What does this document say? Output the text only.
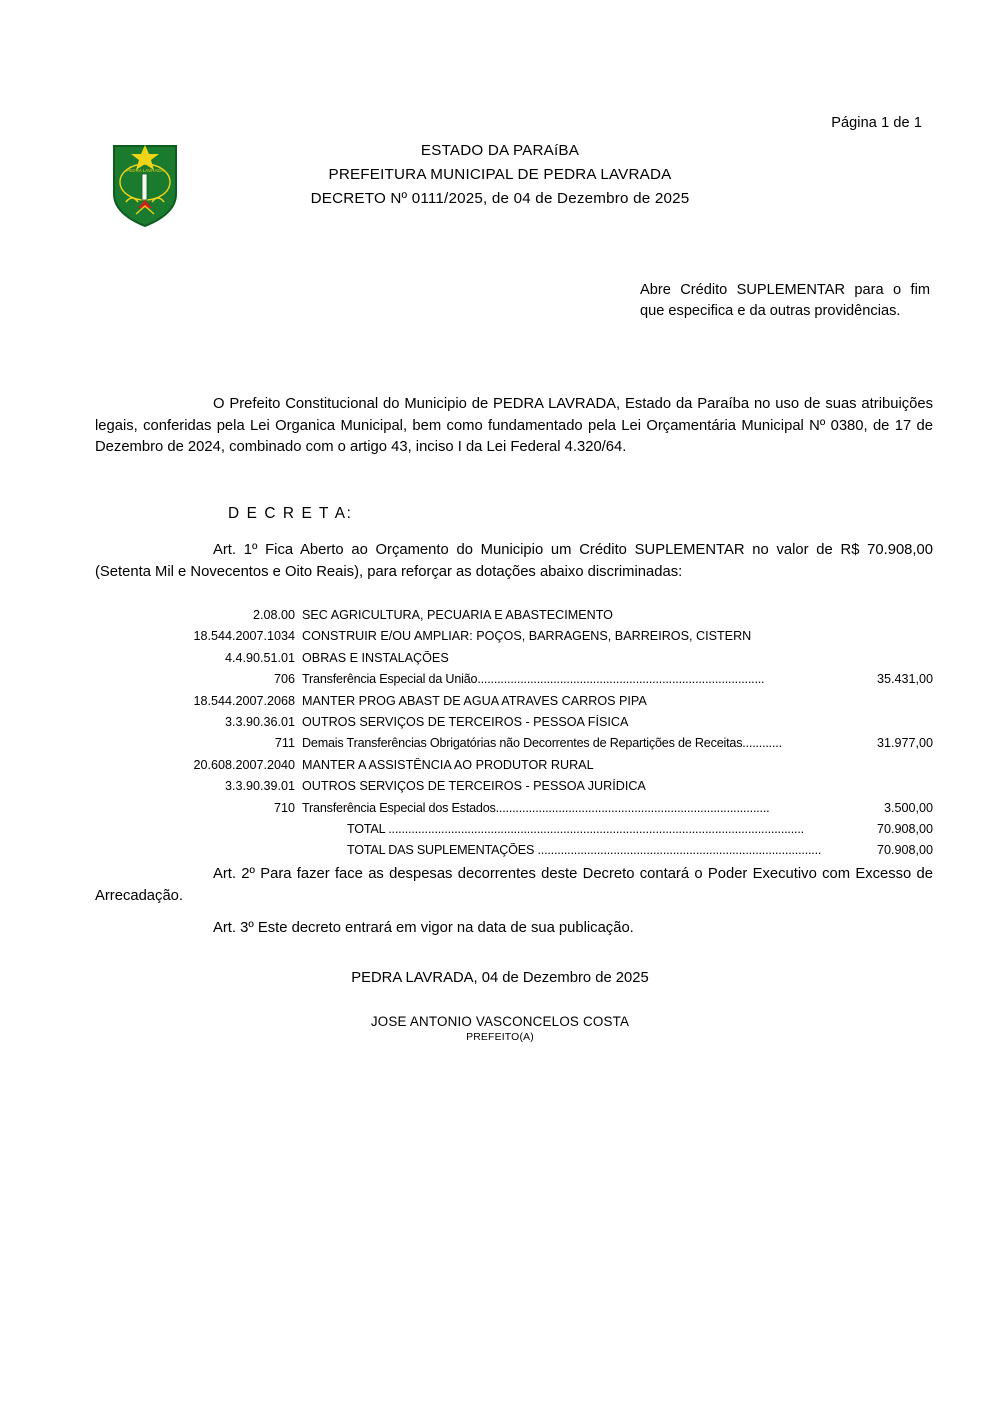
Página 1 de 1
PEDRA LAVRADA
ESTADO DA PARAíBA
PREFEITURA MUNICIPAL DE PEDRA LAVRADA
DECRETO Nº 0111/2025, de 04 de Dezembro de 2025
Abre Crédito SUPLEMENTAR para o fim que especifica e da outras providências.
O Prefeito Constitucional do Municipio de PEDRA LAVRADA, Estado da Paraíba no uso de suas atribuições legais, conferidas pela Lei Organica Municipal, bem como fundamentado pela Lei Orçamentária Municipal Nº 0380, de 17 de Dezembro de 2024, combinado com o artigo 43, inciso I da Lei Federal 4.320/64.
D E C R E T A:
Art. 1º Fica Aberto ao Orçamento do Municipio um Crédito SUPLEMENTAR no valor de R$ 70.908,00 (Setenta Mil e Novecentos e Oito Reais), para reforçar as dotações abaixo discriminadas:
2.08.00 SEC AGRICULTURA, PECUARIA E ABASTECIMENTO
18.544.2007.1034 CONSTRUIR E/OU AMPLIAR: POÇOS, BARRAGENS, BARREIROS, CISTERN
4.4.90.51.01 OBRAS E INSTALAÇÕES
706 Transferência Especial da União.......................................................................................	35.431,00
18.544.2007.2068 MANTER PROG ABAST DE AGUA ATRAVES CARROS PIPA
3.3.90.36.01 OUTROS SERVIÇOS DE TERCEIROS - PESSOA FÍSICA
711 Demais Transferências Obrigatórias não Decorrentes de Repartições de Receitas............	31.977,00
20.608.2007.2040 MANTER A ASSISTÊNCIA AO PRODUTOR RURAL
3.3.90.39.01 OUTROS SERVIÇOS DE TERCEIROS - PESSOA JURÍDICA
710 Transferência Especial dos Estados...................................................................................	3.500,00
TOTAL ..............................................................................................................................	70.908,00
TOTAL DAS SUPLEMENTAÇÕES ......................................................................................	70.908,00
Art. 2º Para fazer face as despesas decorrentes deste Decreto contará o Poder Executivo com Excesso de Arrecadação.
Art. 3º Este decreto entrará em vigor na data de sua publicação.
PEDRA LAVRADA, 04 de Dezembro de 2025
JOSE ANTONIO VASCONCELOS COSTA
PREFEITO(A)
